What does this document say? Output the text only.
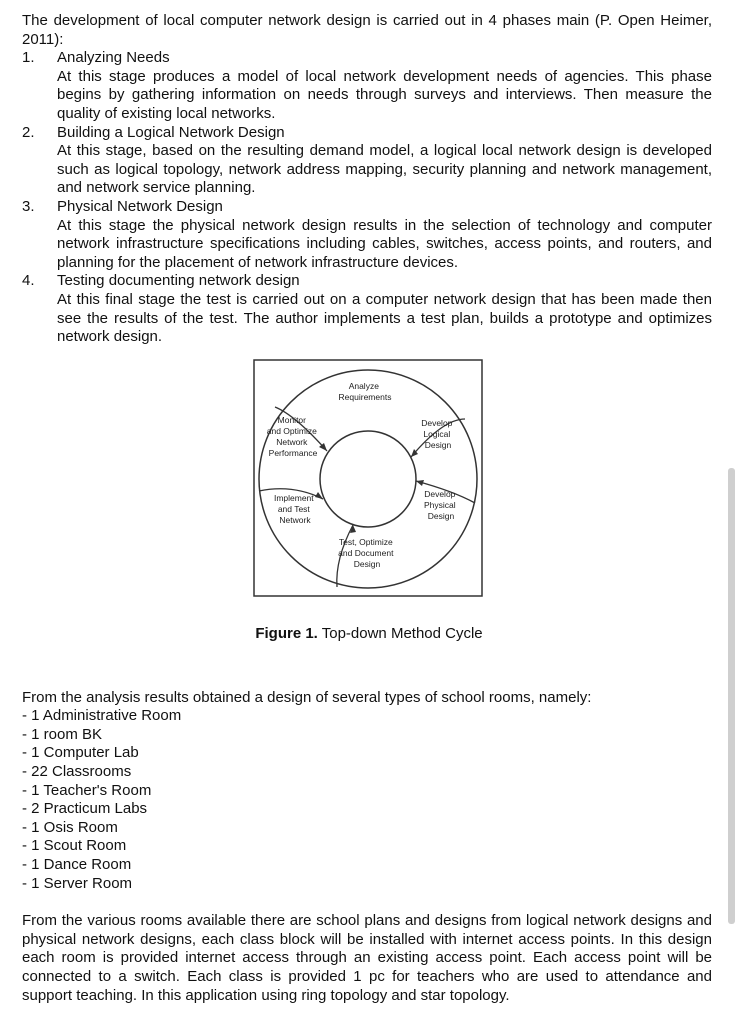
The development of local computer network design is carried out in 4 phases main (P. Open Heimer, 2011):

1. Analyzing Needs

At this stage produces a model of local network development needs of agencies. This phase begins by gathering information on needs through surveys and interviews. Then measure the quality of existing local networks.

2. Building a Logical Network Design

At this stage, based on the resulting demand model, a logical local network design is developed such as logical topology, network address mapping, security planning and network management, and network service planning.

3. Physical Network Design

At this stage the physical network design results in the selection of technology and computer network infrastructure specifications including cables, switches, access points, and routers, and planning for the placement of network infrastructure devices.

4. Testing documenting network design

At this final stage the test is carried out on a computer network design that has been made then see the results of the test. The author implements a test plan, builds a prototype and optimizes network design.

Analyze Requirements
Develop Logical Design
Develop Physical Design
Test, Optimize and Document Design
Implement and Test Network
Monitor and Optimize Network Performance

Figure 1. Top-down Method Cycle

From the analysis results obtained a design of several types of school rooms, namely:

- 1 Administrative Room
- 1 room BK
- 1 Computer Lab
- 22 Classrooms
- 1 Teacher's Room
- 2 Practicum Labs
- 1 Osis Room
- 1 Scout Room
- 1 Dance Room
- 1 Server Room

From the various rooms available there are school plans and designs from logical network designs and physical network designs, each class block will be installed with internet access points. In this design each room is provided internet access through an existing access point. Each access point will be connected to a switch. Each class is provided 1 pc for teachers who are used to attendance and support teaching. In this application using ring topology and star topology.
